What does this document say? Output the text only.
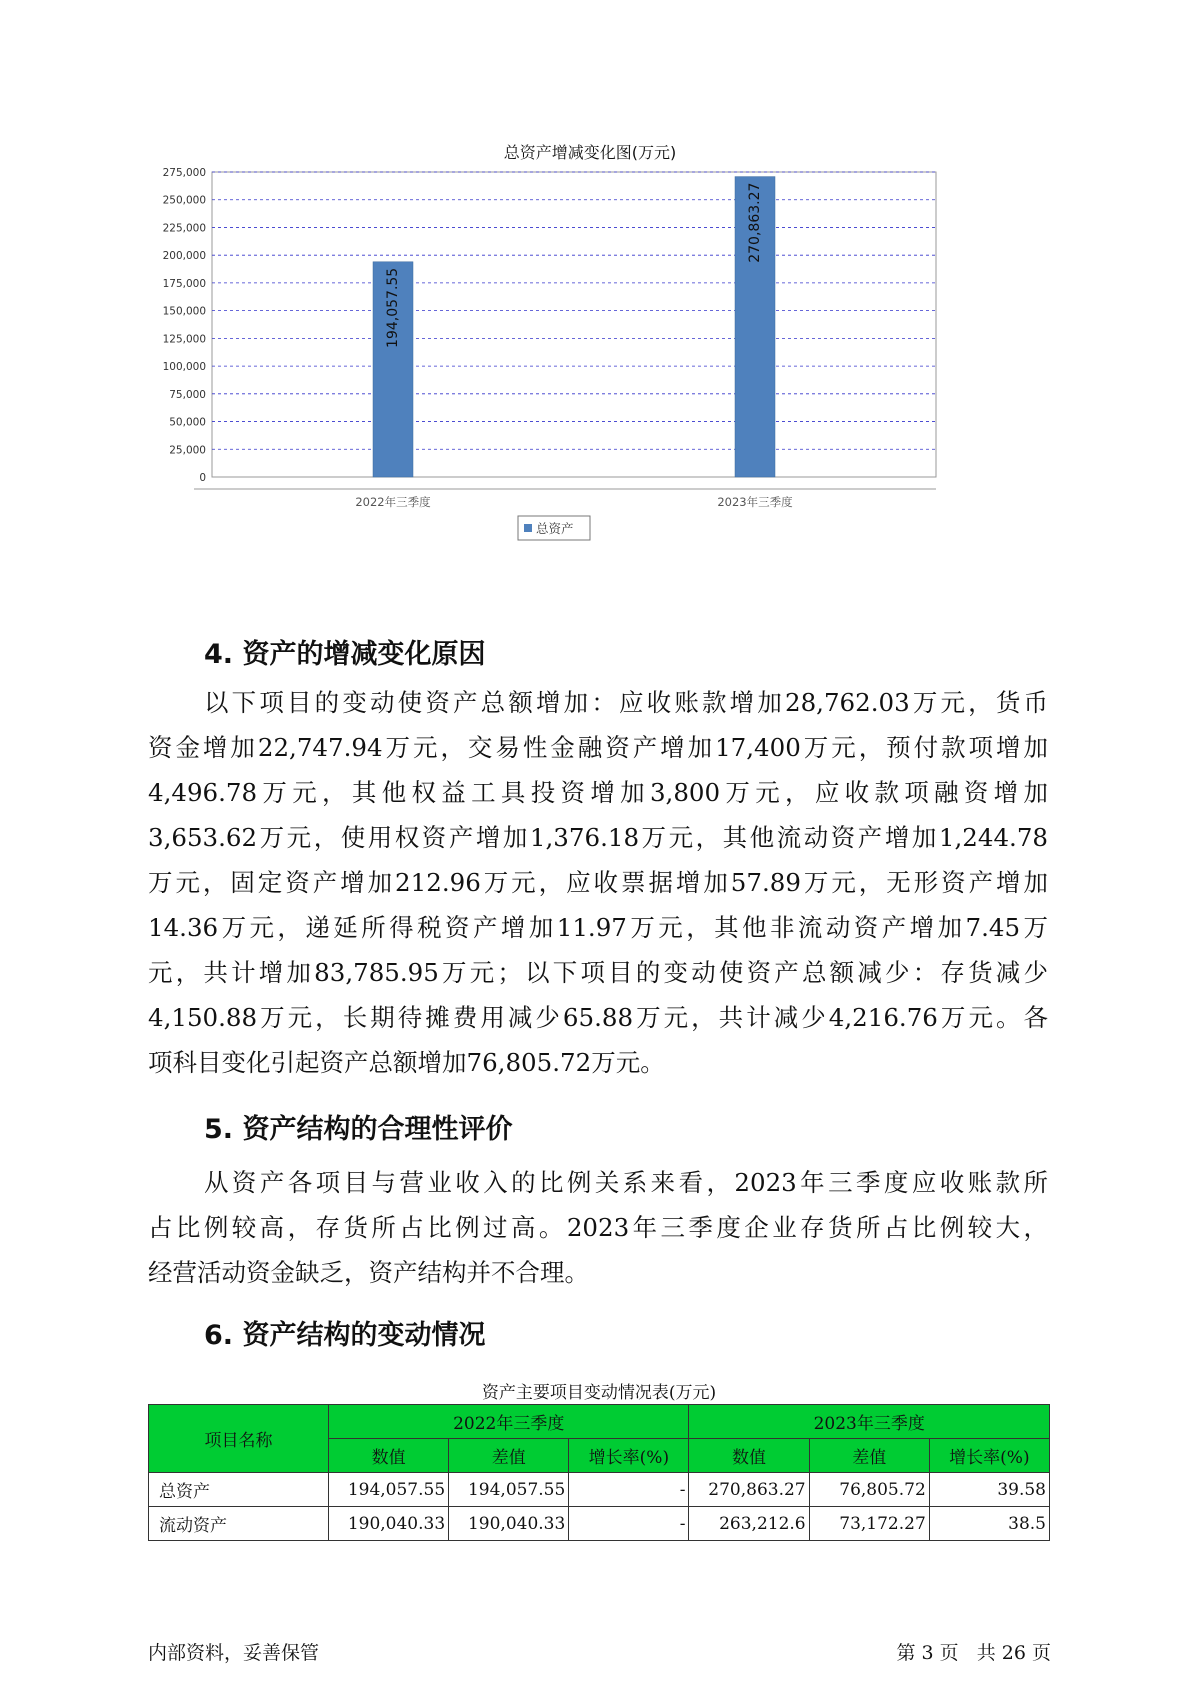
总资产增减变化图(万元)
0
25,000
50,000
75,000
100,000
125,000
150,000
175,000
200,000
225,000
250,000
275,000
194,057.55
2022年三季度
270,863.27
2023年三季度
总资产
4. 资产的增减变化原因
以下项目的变动使资产总额增加：应收账款增加28,762.03万元，货币
资金增加22,747.94万元，交易性金融资产增加17,400万元，预付款项增加
4,496.78万元，其他权益工具投资增加3,800万元，应收款项融资增加
3,653.62万元，使用权资产增加1,376.18万元，其他流动资产增加1,244.78
万元，固定资产增加212.96万元，应收票据增加57.89万元，无形资产增加
14.36万元，递延所得税资产增加11.97万元，其他非流动资产增加7.45万
元，共计增加83,785.95万元；以下项目的变动使资产总额减少：存货减少
4,150.88万元，长期待摊费用减少65.88万元，共计减少4,216.76万元。各
项科目变化引起资产总额增加76,805.72万元。
5. 资产结构的合理性评价
从资产各项目与营业收入的比例关系来看，2023年三季度应收账款所
占比例较高，存货所占比例过高。2023年三季度企业存货所占比例较大，
经营活动资金缺乏，资产结构并不合理。
6. 资产结构的变动情况
资产主要项目变动情况表(万元)
项目名称	2022年三季度			2023年三季度		
	数值	差值	增长率(%)	数值	差值	增长率(%)
总资产	194,057.55	194,057.55	-	270,863.27	76,805.72	39.58
流动资产	190,040.33	190,040.33	-	263,212.6	73,172.27	38.5
内部资料，妥善保管	第 3 页   共 26 页
